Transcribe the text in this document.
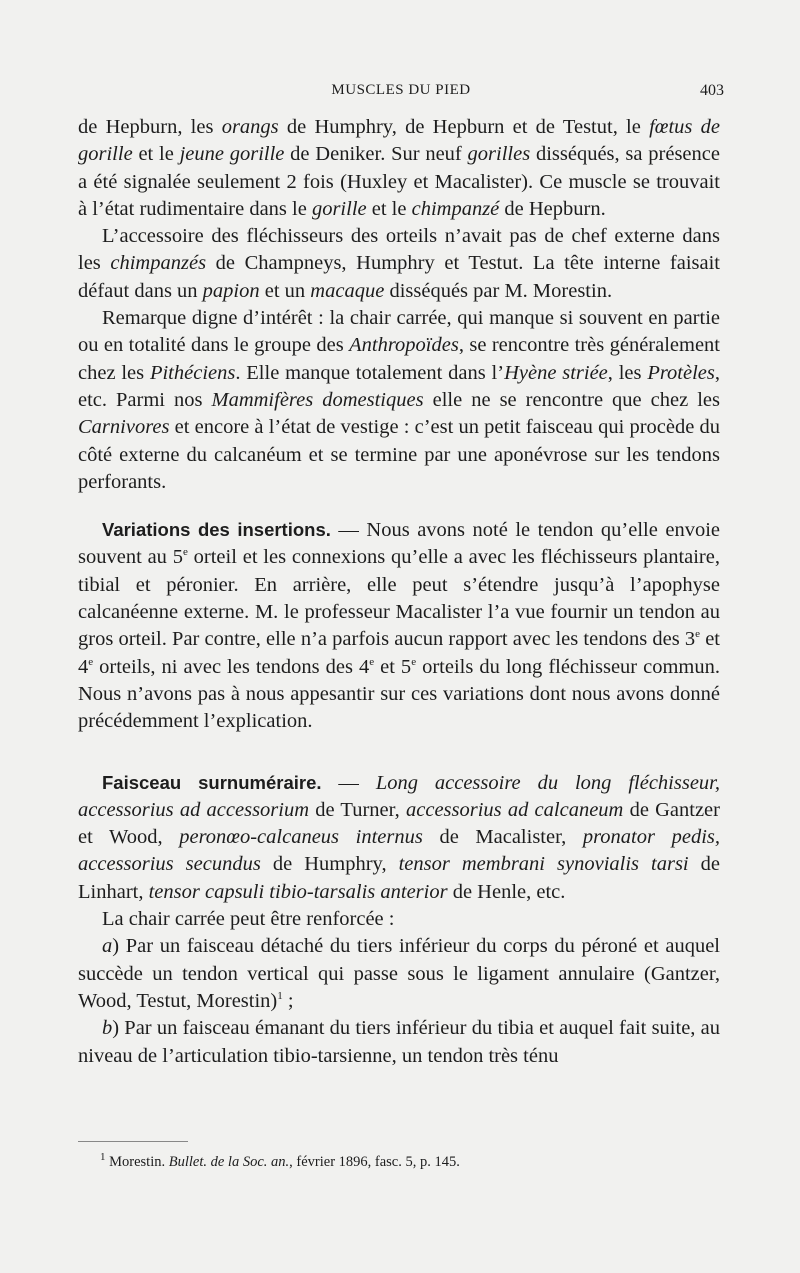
MUSCLES DU PIED	403

de Hepburn, les orangs de Humphry, de Hepburn et de Testut, le fœtus de gorille et le jeune gorille de Deniker. Sur neuf gorilles disséqués, sa présence a été signalée seulement 2 fois (Huxley et Macalister). Ce muscle se trouvait à l’état rudimentaire dans le gorille et le chimpanzé de Hepburn.

L’accessoire des fléchisseurs des orteils n’avait pas de chef externe dans les chimpanzés de Champneys, Humphry et Testut. La tête interne faisait défaut dans un papion et un macaque disséqués par M. Morestin.

Remarque digne d’intérêt : la chair carrée, qui manque si souvent en partie ou en totalité dans le groupe des Anthropoïdes, se rencontre très généralement chez les Pithéciens. Elle manque totalement dans l’Hyène striée, les Protèles, etc. Parmi nos Mammifères domestiques elle ne se rencontre que chez les Carnivores et encore à l’état de vestige : c’est un petit faisceau qui procède du côté externe du calcanéum et se termine par une aponévrose sur les tendons perforants.

Variations des insertions. — Nous avons noté le tendon qu’elle envoie souvent au 5e orteil et les connexions qu’elle a avec les fléchisseurs plantaire, tibial et péronier. En arrière, elle peut s’étendre jusqu’à l’apophyse calcanéenne externe. M. le professeur Macalister l’a vue fournir un tendon au gros orteil. Par contre, elle n’a parfois aucun rapport avec les tendons des 3e et 4e orteils, ni avec les tendons des 4e et 5e orteils du long fléchisseur commun. Nous n’avons pas à nous appesantir sur ces variations dont nous avons donné précédemment l’explication.

Faisceau surnuméraire. — Long accessoire du long fléchisseur, accessorius ad accessorium de Turner, accessorius ad calcaneum de Gantzer et Wood, peronœo-calcaneus internus de Macalister, pronator pedis, accessorius secundus de Humphry, tensor membrani synovialis tarsi de Linhart, tensor capsuli tibio-tarsalis anterior de Henle, etc.

La chair carrée peut être renforcée :

a) Par un faisceau détaché du tiers inférieur du corps du péroné et auquel succède un tendon vertical qui passe sous le ligament annulaire (Gantzer, Wood, Testut, Morestin)$^1$ ;

b) Par un faisceau émanant du tiers inférieur du tibia et auquel fait suite, au niveau de l’articulation tibio-tarsienne, un tendon très ténu

$^1$ Morestin. Bullet. de la Soc. an., février 1896, fasc. 5, p. 145.
